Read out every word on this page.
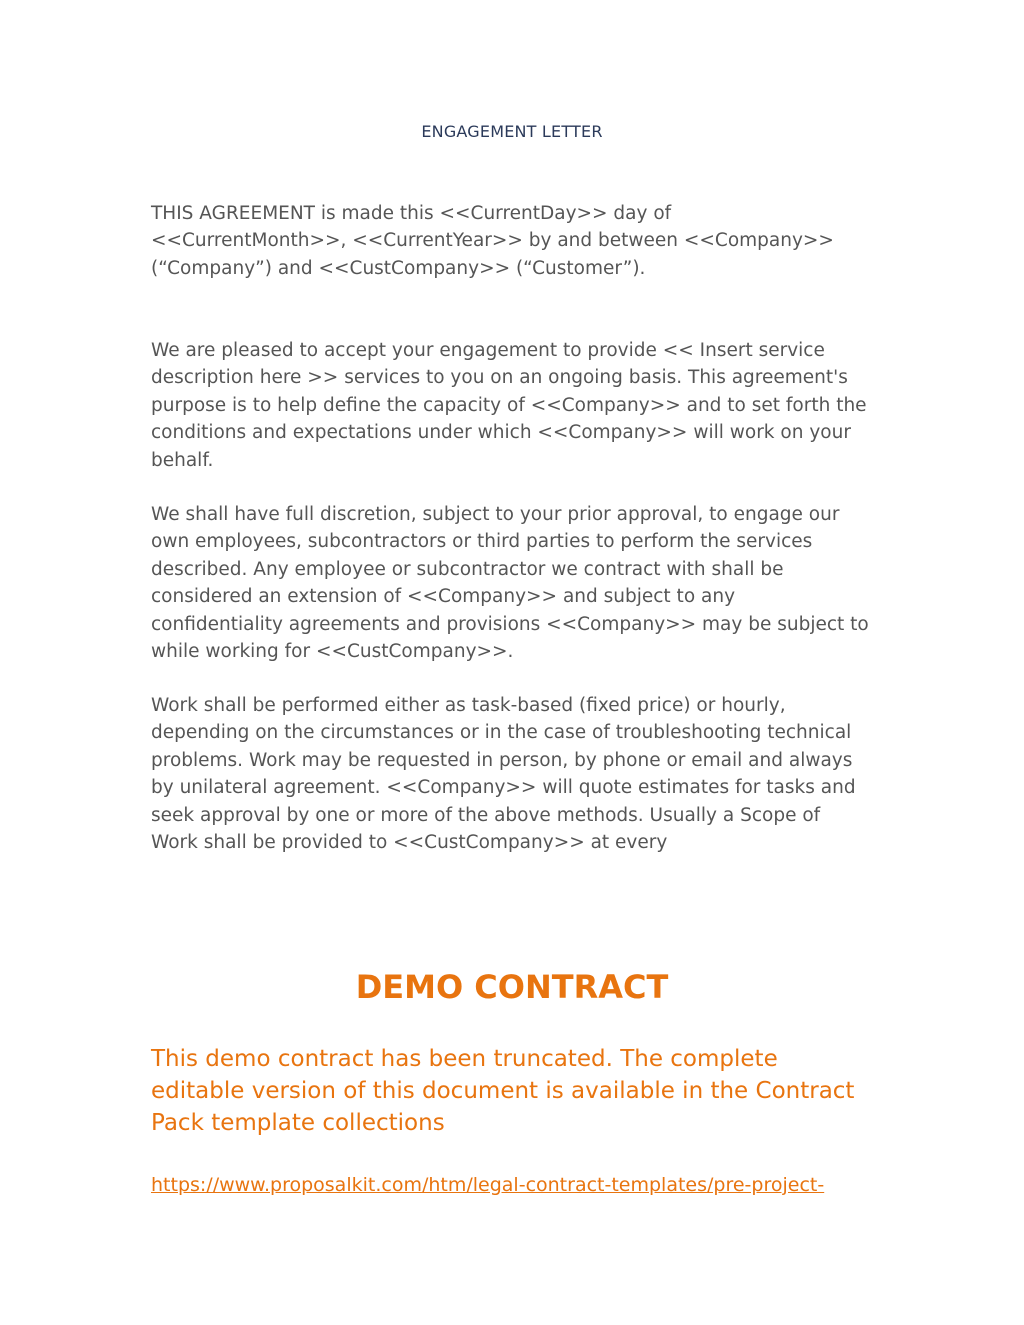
ENGAGEMENT LETTER

THIS AGREEMENT is made this <<CurrentDay>> day of <<CurrentMonth>>, <<CurrentYear>> by and between <<Company>> (“Company”) and <<CustCompany>> (“Customer”).

We are pleased to accept your engagement to provide << Insert service description here >> services to you on an ongoing basis. This agreement's purpose is to help define the capacity of <<Company>> and to set forth the conditions and expectations under which <<Company>> will work on your behalf.

We shall have full discretion, subject to your prior approval, to engage our own employees, subcontractors or third parties to perform the services described. Any employee or subcontractor we contract with shall be considered an extension of <<Company>> and subject to any confidentiality agreements and provisions <<Company>> may be subject to while working for <<CustCompany>>.

Work shall be performed either as task-based (fixed price) or hourly, depending on the circumstances or in the case of troubleshooting technical problems. Work may be requested in person, by phone or email and always by unilateral agreement. <<Company>> will quote estimates for tasks and seek approval by one or more of the above methods. Usually a Scope of Work shall be provided to <<CustCompany>> at every

DEMO CONTRACT

This demo contract has been truncated. The complete editable version of this document is available in the Contract Pack template collections

https://www.proposalkit.com/htm/legal-contract-templates/pre-project-
